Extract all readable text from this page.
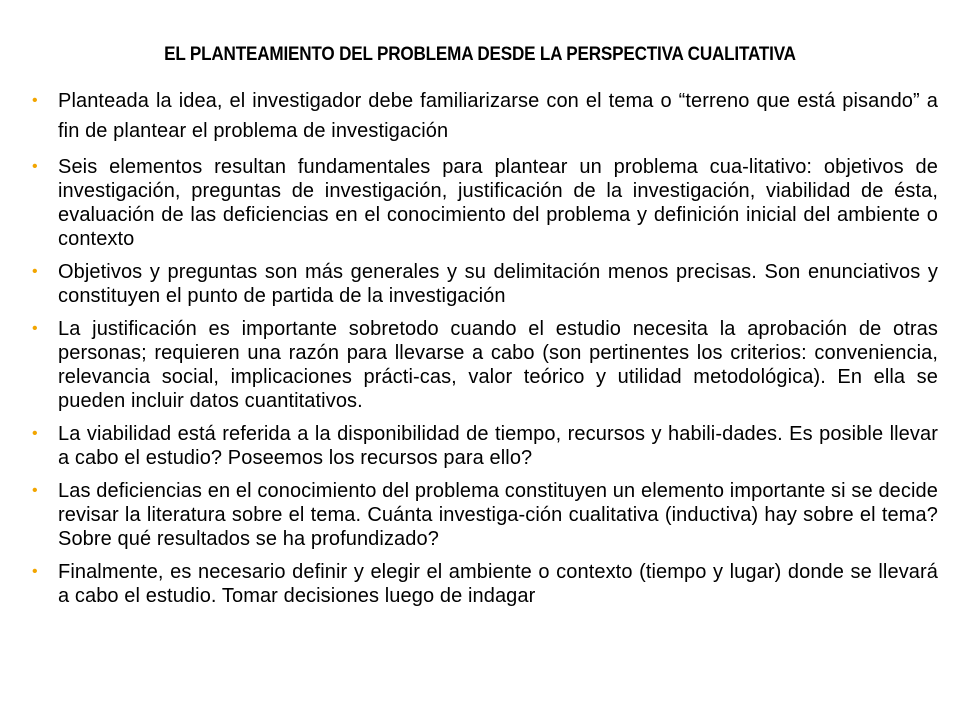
EL PLANTEAMIENTO DEL PROBLEMA DESDE LA PERSPECTIVA CUALITATIVA
• Planteada la idea, el investigador debe familiarizarse con el tema o “terreno que está pisando” a fin de plantear el problema de investigación
• Seis elementos resultan fundamentales para plantear un problema cua-litativo: objetivos de investigación, preguntas de investigación, justificación de la investigación, viabilidad de ésta, evaluación de las deficiencias en el conocimiento del problema y definición inicial del ambiente o contexto
• Objetivos y preguntas son más generales y su delimitación menos precisas. Son enunciativos y constituyen el punto de partida de la investigación
• La justificación es importante sobretodo cuando el estudio necesita la aprobación de otras personas; requieren una razón para llevarse a cabo (son pertinentes los criterios: conveniencia, relevancia social, implicaciones prácti-cas, valor teórico y utilidad metodológica). En ella se pueden incluir datos cuantitativos.
• La viabilidad está referida a la disponibilidad de tiempo, recursos y habili-dades. Es posible llevar a cabo el estudio? Poseemos los recursos para ello?
• Las deficiencias en el conocimiento del problema constituyen un elemento importante si se decide revisar la literatura sobre el tema. Cuánta investiga-ción cualitativa (inductiva) hay sobre el tema? Sobre qué resultados se ha profundizado?
• Finalmente, es necesario definir y elegir el ambiente o contexto (tiempo y lugar) donde se llevará a cabo el estudio. Tomar decisiones luego de indagar
